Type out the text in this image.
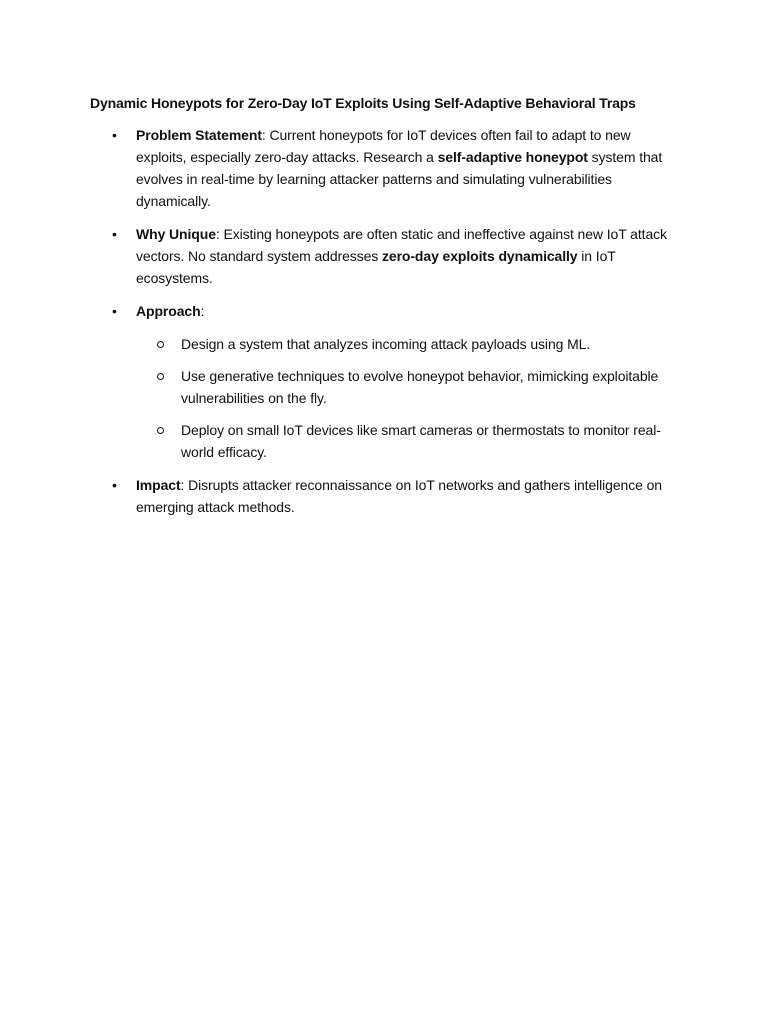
Dynamic Honeypots for Zero-Day IoT Exploits Using Self-Adaptive Behavioral Traps
•	Problem Statement: Current honeypots for IoT devices often fail to adapt to new exploits, especially zero-day attacks. Research a self-adaptive honeypot system that evolves in real-time by learning attacker patterns and simulating vulnerabilities dynamically.
•	Why Unique: Existing honeypots are often static and ineffective against new IoT attack vectors. No standard system addresses zero-day exploits dynamically in IoT ecosystems.
•	Approach:
Design a system that analyzes incoming attack payloads using ML.
Use generative techniques to evolve honeypot behavior, mimicking exploitable vulnerabilities on the fly.
Deploy on small IoT devices like smart cameras or thermostats to monitor real-world efficacy.
•	Impact: Disrupts attacker reconnaissance on IoT networks and gathers intelligence on emerging attack methods.
